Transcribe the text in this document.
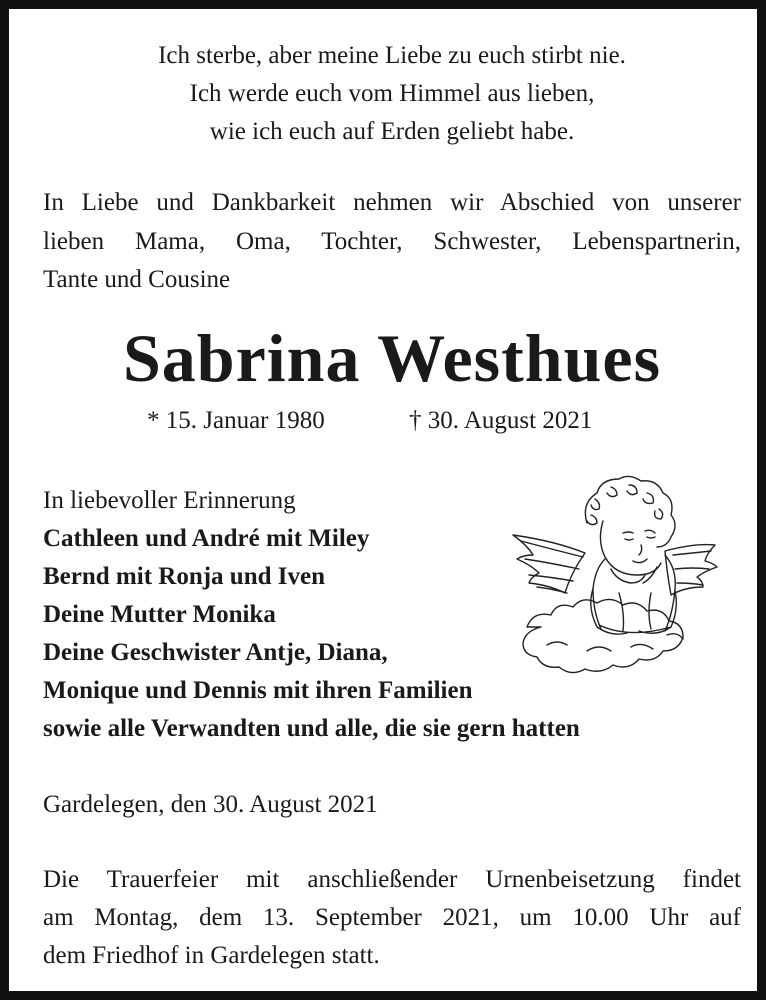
Ich sterbe, aber meine Liebe zu euch stirbt nie.
Ich werde euch vom Himmel aus lieben,
wie ich euch auf Erden geliebt habe.
In Liebe und Dankbarkeit nehmen wir Abschied von unserer
lieben Mama, Oma, Tochter, Schwester, Lebenspartnerin,
Tante und Cousine
Sabrina Westhues
* 15. Januar 1980	† 30. August 2021
In liebevoller Erinnerung
Cathleen und André mit Miley
Bernd mit Ronja und Iven
Deine Mutter Monika
Deine Geschwister Antje, Diana,
Monique und Dennis mit ihren Familien
sowie alle Verwandten und alle, die sie gern hatten
Gardelegen, den 30. August 2021
Die Trauerfeier mit anschließender Urnenbeisetzung findet
am Montag, dem 13. September 2021, um 10.00 Uhr auf
dem Friedhof in Gardelegen statt.
